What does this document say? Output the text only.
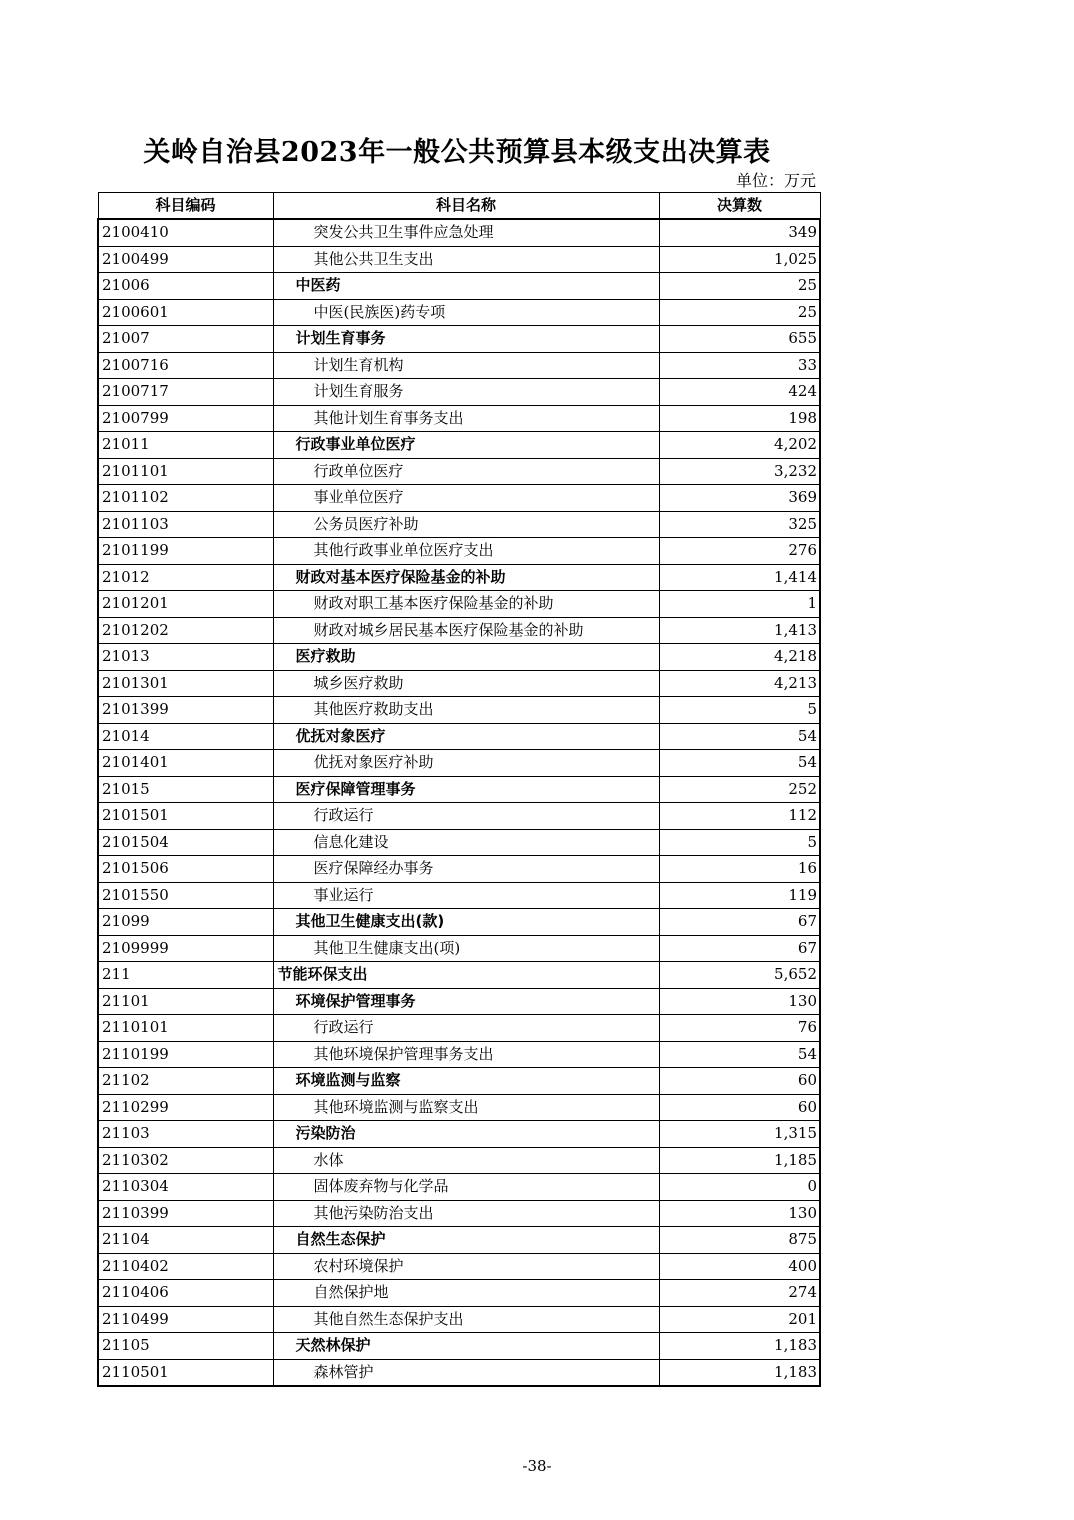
关岭自治县2023年一般公共预算县本级支出决算表
单位：万元
科目编码	科目名称	决算数
2100410	突发公共卫生事件应急处理	349
2100499	其他公共卫生支出	1,025
21006	中医药	25
2100601	中医(民族医)药专项	25
21007	计划生育事务	655
2100716	计划生育机构	33
2100717	计划生育服务	424
2100799	其他计划生育事务支出	198
21011	行政事业单位医疗	4,202
2101101	行政单位医疗	3,232
2101102	事业单位医疗	369
2101103	公务员医疗补助	325
2101199	其他行政事业单位医疗支出	276
21012	财政对基本医疗保险基金的补助	1,414
2101201	财政对职工基本医疗保险基金的补助	1
2101202	财政对城乡居民基本医疗保险基金的补助	1,413
21013	医疗救助	4,218
2101301	城乡医疗救助	4,213
2101399	其他医疗救助支出	5
21014	优抚对象医疗	54
2101401	优抚对象医疗补助	54
21015	医疗保障管理事务	252
2101501	行政运行	112
2101504	信息化建设	5
2101506	医疗保障经办事务	16
2101550	事业运行	119
21099	其他卫生健康支出(款)	67
2109999	其他卫生健康支出(项)	67
211	节能环保支出	5,652
21101	环境保护管理事务	130
2110101	行政运行	76
2110199	其他环境保护管理事务支出	54
21102	环境监测与监察	60
2110299	其他环境监测与监察支出	60
21103	污染防治	1,315
2110302	水体	1,185
2110304	固体废弃物与化学品	0
2110399	其他污染防治支出	130
21104	自然生态保护	875
2110402	农村环境保护	400
2110406	自然保护地	274
2110499	其他自然生态保护支出	201
21105	天然林保护	1,183
2110501	森林管护	1,183
-38-
